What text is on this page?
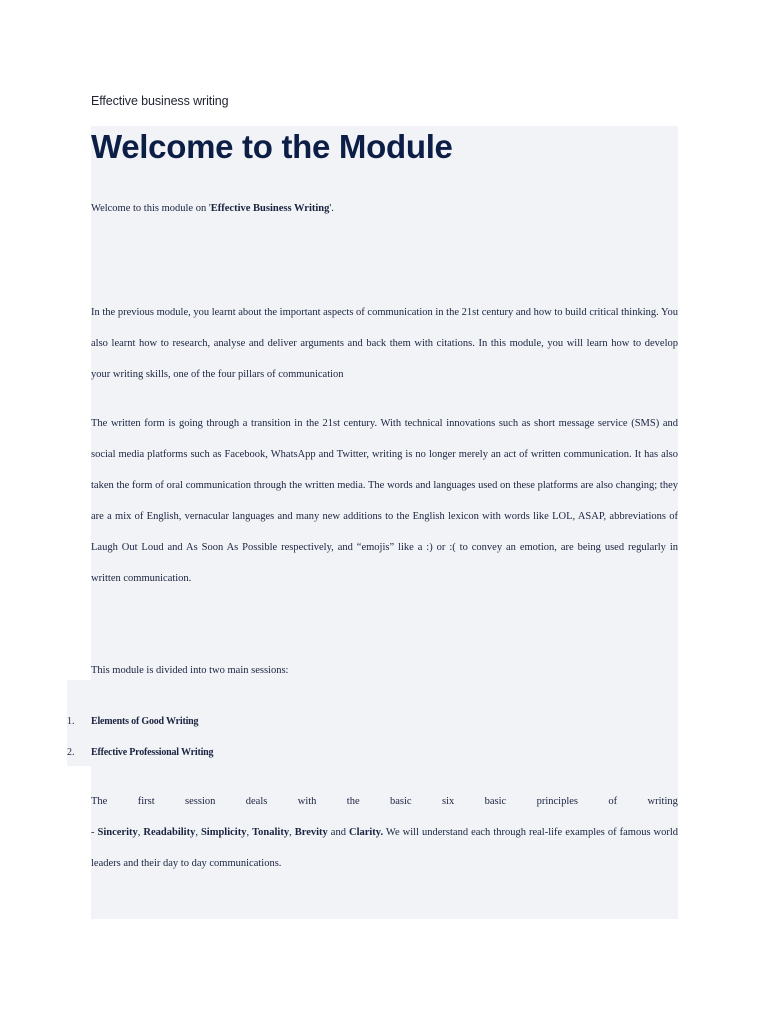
Effective business writing
Welcome to the Module
Welcome to this module on 'Effective Business Writing'.
In the previous module, you learnt about the important aspects of communication in the 21st century and how to build critical thinking. You also learnt how to research, analyse and deliver arguments and back them with citations. In this module, you will learn how to develop your writing skills, one of the four pillars of communication
The written form is going through a transition in the 21st century. With technical innovations such as short message service (SMS) and social media platforms such as Facebook, WhatsApp and Twitter, writing is no longer merely an act of written communication. It has also taken the form of oral communication through the written media. The words and languages used on these platforms are also changing; they are a mix of English, vernacular languages and many new additions to the English lexicon with words like LOL, ASAP, abbreviations of Laugh Out Loud and As Soon As Possible respectively, and “emojis” like a :) or :( to convey an emotion, are being used regularly in written communication.
This module is divided into two main sessions:
1. Elements of Good Writing
2. Effective Professional Writing
The	first	session	deals	with	the	basic	six	basic	principles	of	writing
- Sincerity, Readability, Simplicity, Tonality, Brevity and Clarity. We will understand each through real-life examples of famous world leaders and their day to day communications.
